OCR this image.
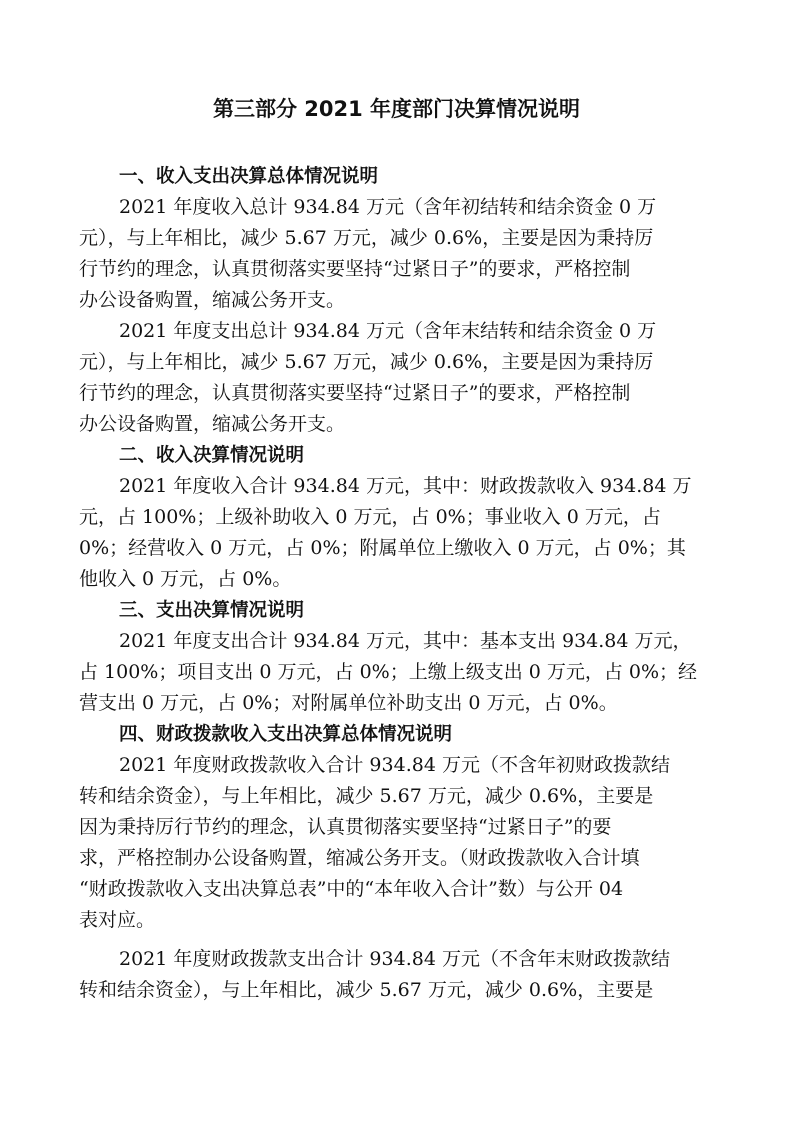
第三部分 2021 年度部门决算情况说明
一、收入支出决算总体情况说明
2021 年度收入总计 934.84 万元（含年初结转和结余资金 0 万
元），与上年相比，减少 5.67 万元，减少 0.6%，主要是因为秉持厉
行节约的理念，认真贯彻落实要坚持“过紧日子”的要求，严格控制
办公设备购置，缩减公务开支。
2021 年度支出总计 934.84 万元（含年末结转和结余资金 0 万
元），与上年相比，减少 5.67 万元，减少 0.6%，主要是因为秉持厉
行节约的理念，认真贯彻落实要坚持“过紧日子”的要求，严格控制
办公设备购置，缩减公务开支。
二、收入决算情况说明
2021 年度收入合计 934.84 万元，其中：财政拨款收入 934.84 万
元，占 100%；上级补助收入 0 万元，占 0%；事业收入 0 万元，占
0%；经营收入 0 万元，占 0%；附属单位上缴收入 0 万元，占 0%；其
他收入 0 万元，占 0%。
三、支出决算情况说明
2021 年度支出合计 934.84 万元，其中：基本支出 934.84 万元，
占 100%；项目支出 0 万元，占 0%；上缴上级支出 0 万元，占 0%；经
营支出 0 万元，占 0%；对附属单位补助支出 0 万元，占 0%。
四、财政拨款收入支出决算总体情况说明
2021 年度财政拨款收入合计 934.84 万元（不含年初财政拨款结
转和结余资金），与上年相比，减少 5.67 万元，减少 0.6%，主要是
因为秉持厉行节约的理念，认真贯彻落实要坚持“过紧日子”的要
求，严格控制办公设备购置，缩减公务开支。（财政拨款收入合计填
“财政拨款收入支出决算总表”中的“本年收入合计”数）与公开 04
表对应。
2021 年度财政拨款支出合计 934.84 万元（不含年末财政拨款结
转和结余资金），与上年相比，减少 5.67 万元，减少 0.6%，主要是
